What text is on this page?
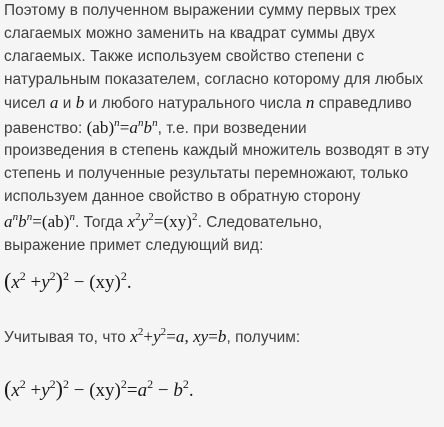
Поэтому в полученном выражении сумму первых трех
слагаемых можно заменить на квадрат суммы двух
слагаемых. Также используем свойство степени с
натуральным показателем, согласно которому для любых
чисел a и b и любого натурального числа n справедливо
равенство: $(ab)^n=a^nb^n$, т.е. при возведении
произведения в степень каждый множитель возводят в эту
степень и полученные результаты перемножают, только
используем данное свойство в обратную сторону
$a^nb^n=(ab)^n$. Тогда $x^2y^2=(xy)^2$. Следовательно,
выражение примет следующий вид:
$(x^2 +y^2)^2 - (xy)^2$.
Учитывая то, что $x^2+y^2=a$, xy=b, получим:
$(x^2 +y^2)^2 - (xy)^2=a^2 - b^2$.
